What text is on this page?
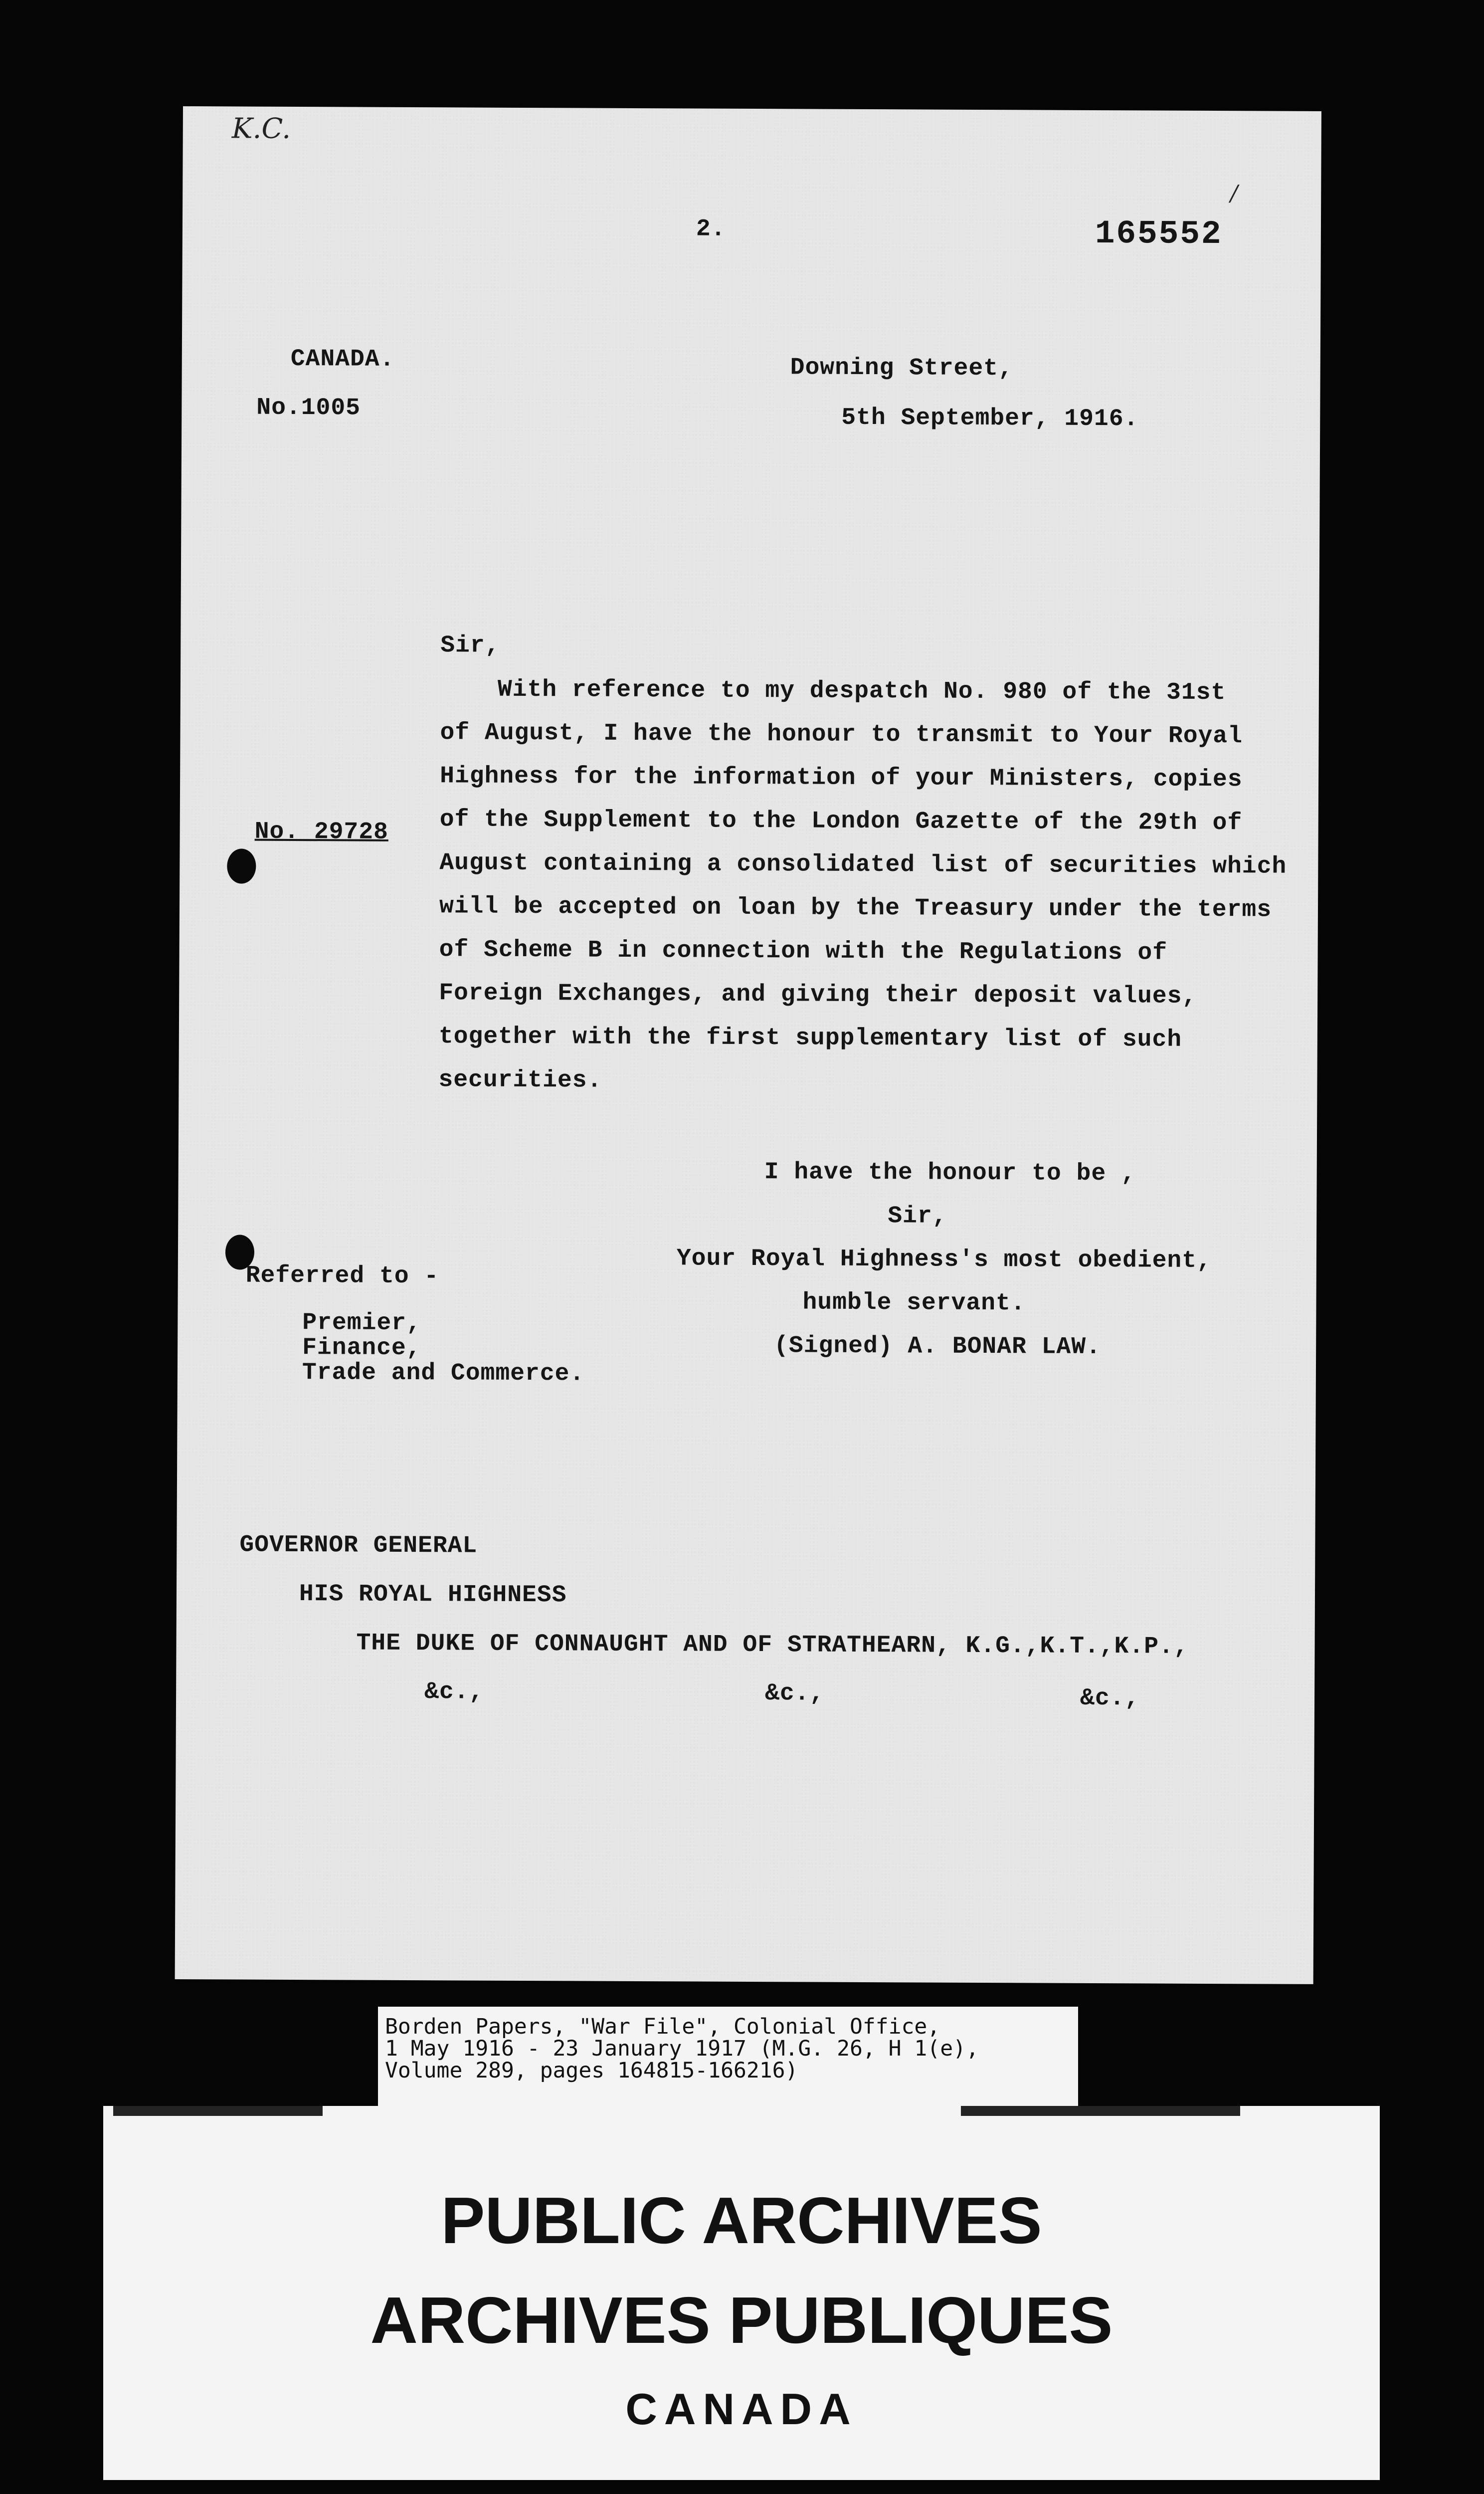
K.C.
2.	165552
/
CANADA.
No.1005
Downing Street,
5th September, 1916.
Sir,
With reference to my despatch No. 980 of the 31st
of August, I have the honour to transmit to Your Royal
Highness for the information of your Ministers, copies
of the Supplement to the London Gazette of the 29th of
August containing a consolidated list of securities which
will be accepted on loan by the Treasury under the terms
of Scheme B in connection with the Regulations of
Foreign Exchanges, and giving their deposit values,
together with the first supplementary list of such
securities.
No. 29728
I have the honour to be ,
Sir,
Your Royal Highness's most obedient,
humble servant.
(Signed) A. BONAR LAW.
Referred to -
Premier,
Finance,
Trade and Commerce.
GOVERNOR GENERAL
HIS ROYAL HIGHNESS
THE DUKE OF CONNAUGHT AND OF STRATHEARN, K.G.,K.T.,K.P.,
&c.,	&c.,	&c.,
Borden Papers, "War File", Colonial Office,
1 May 1916 - 23 January 1917 (M.G. 26, H 1(e),
Volume 289, pages 164815-166216)
PUBLIC ARCHIVES
ARCHIVES PUBLIQUES
CANADA
